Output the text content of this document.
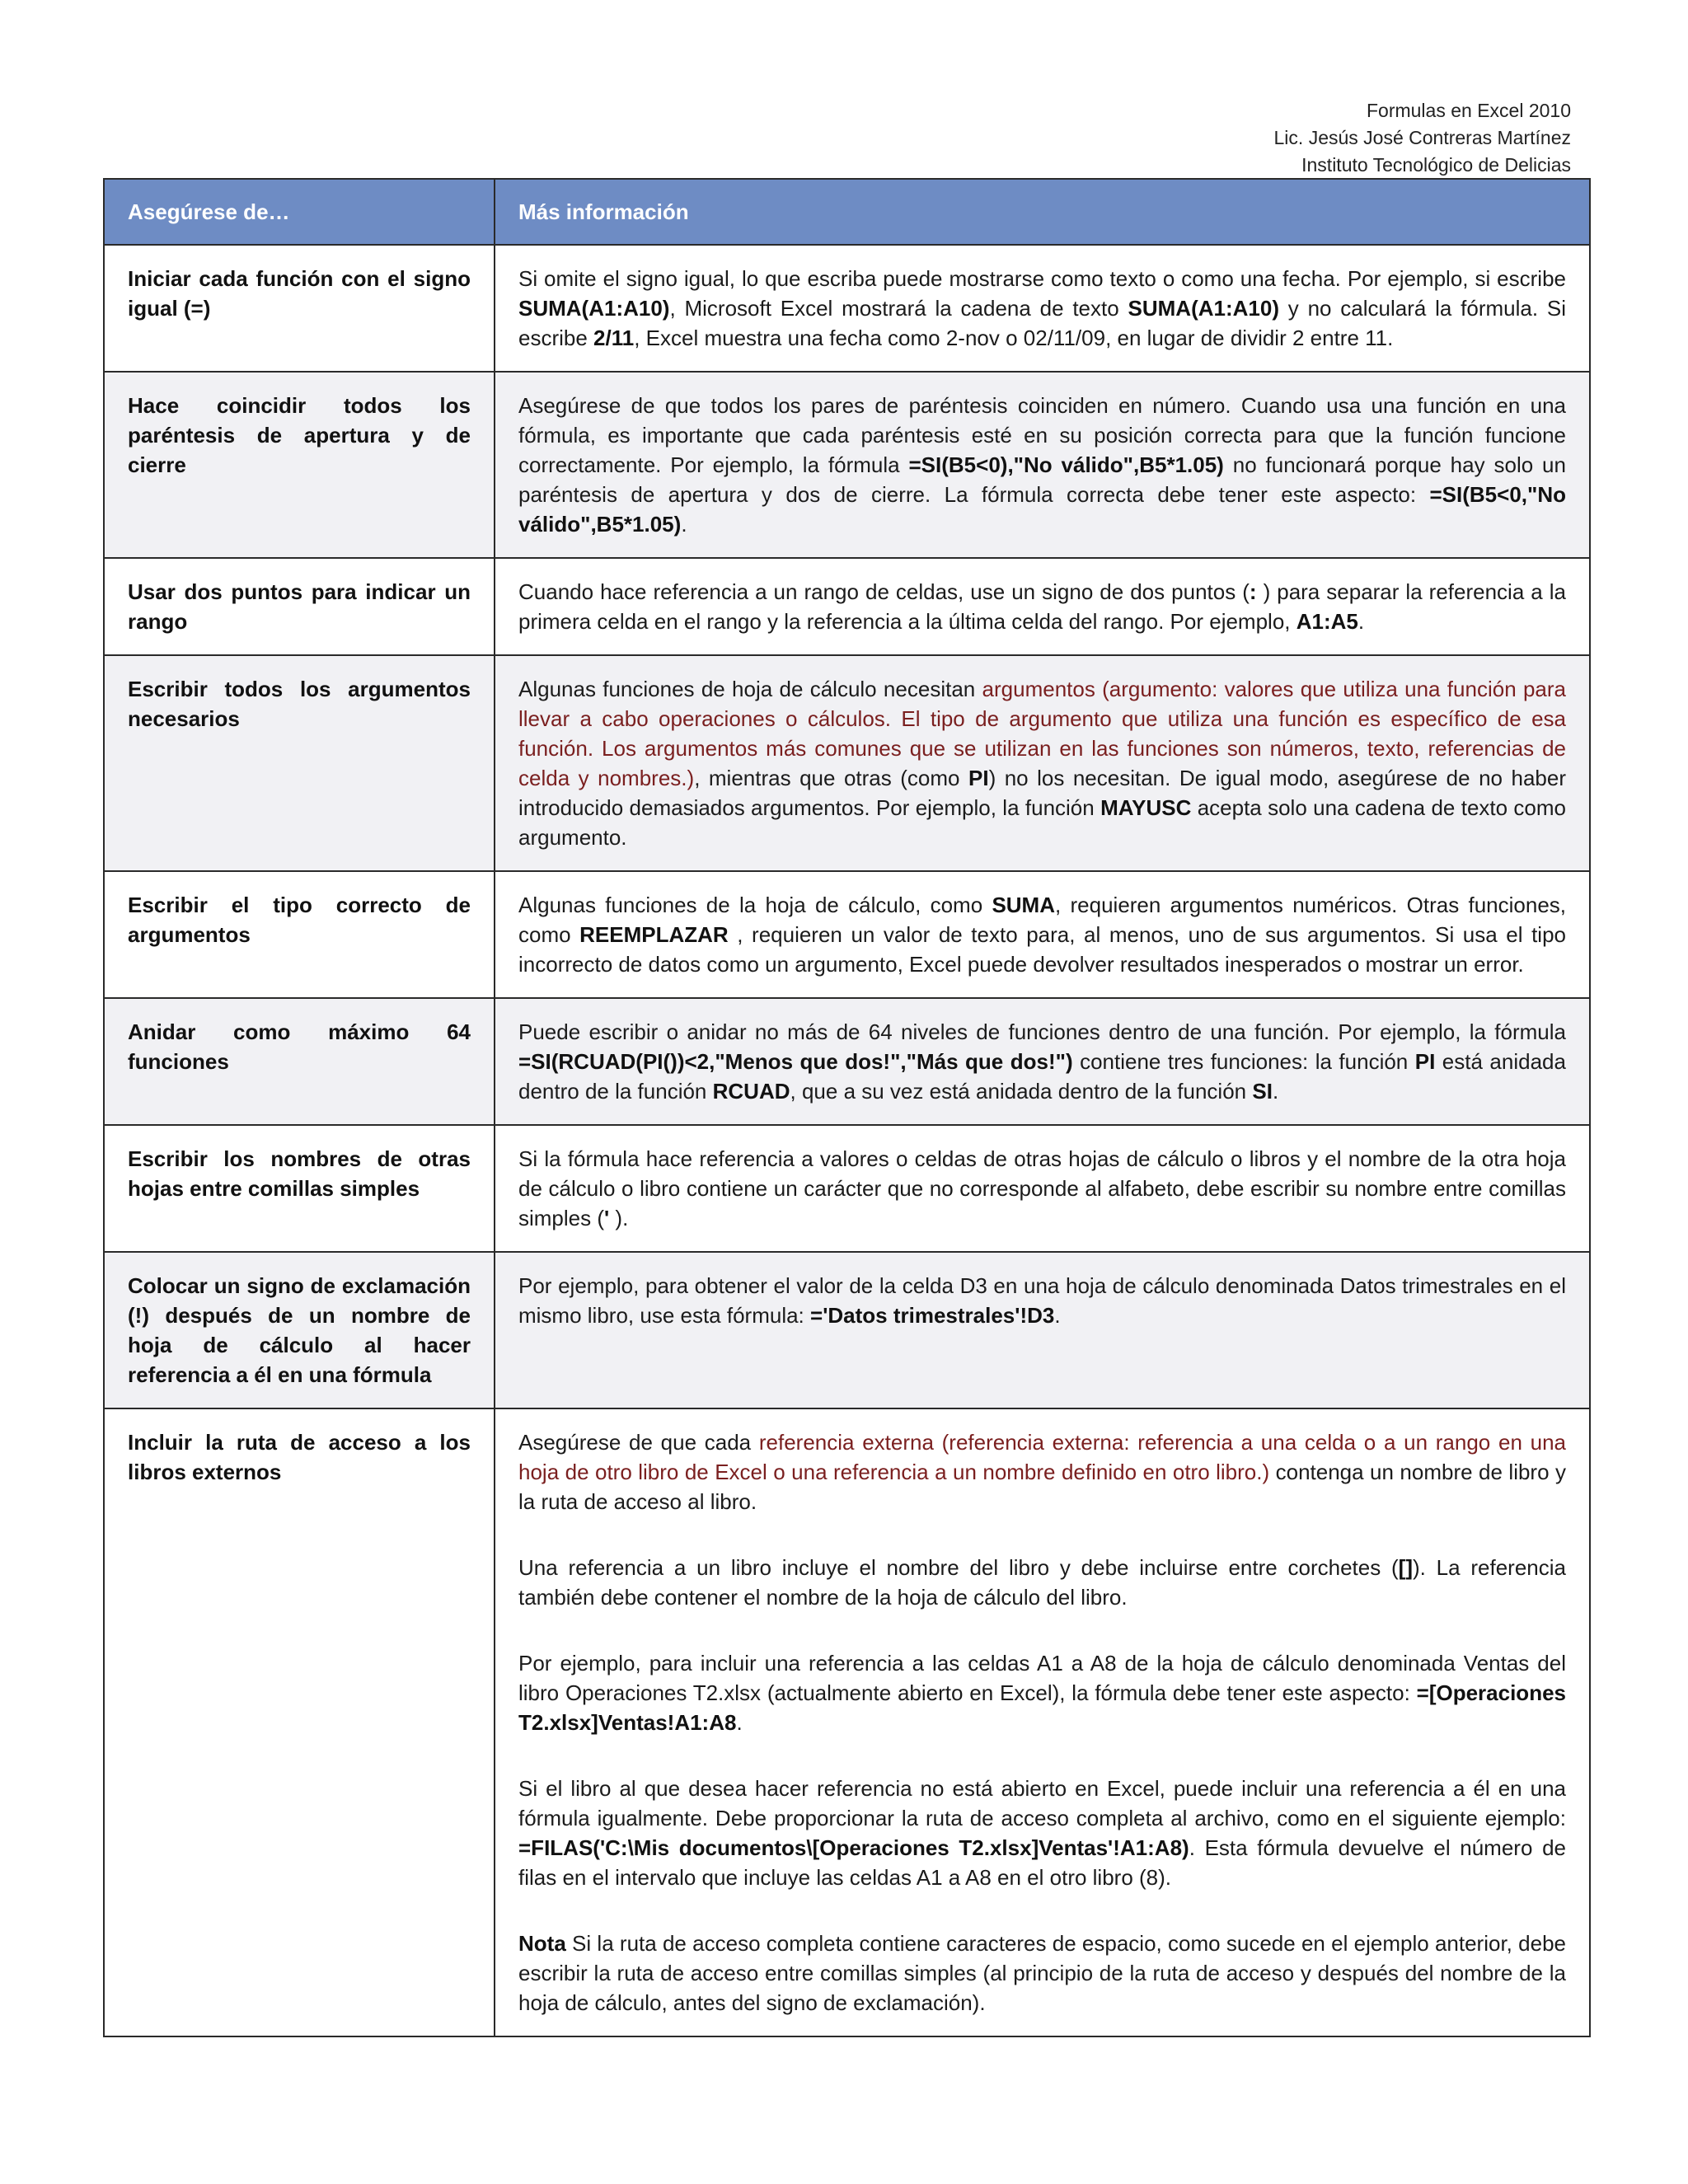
Formulas en Excel 2010
Lic. Jesús José Contreras Martínez
Instituto Tecnológico de Delicias
Asegúrese de…	Más información
Iniciar cada función con el signo igual (=)	Si omite el signo igual, lo que escriba puede mostrarse como texto o como una fecha. Por ejemplo, si escribe SUMA(A1:A10), Microsoft Excel mostrará la cadena de texto SUMA(A1:A10) y no calculará la fórmula. Si escribe 2/11, Excel muestra una fecha como 2-nov o 02/11/09, en lugar de dividir 2 entre 11.
Hace coincidir todos los paréntesis de apertura y de cierre	Asegúrese de que todos los pares de paréntesis coinciden en número. Cuando usa una función en una fórmula, es importante que cada paréntesis esté en su posición correcta para que la función funcione correctamente. Por ejemplo, la fórmula =SI(B5<0),"No válido",B5*1.05) no funcionará porque hay solo un paréntesis de apertura y dos de cierre. La fórmula correcta debe tener este aspecto: =SI(B5<0,"No válido",B5*1.05).
Usar dos puntos para indicar un rango	Cuando hace referencia a un rango de celdas, use un signo de dos puntos (: ) para separar la referencia a la primera celda en el rango y la referencia a la última celda del rango. Por ejemplo, A1:A5.
Escribir todos los argumentos necesarios	Algunas funciones de hoja de cálculo necesitan argumentos (argumento: valores que utiliza una función para llevar a cabo operaciones o cálculos. El tipo de argumento que utiliza una función es específico de esa función. Los argumentos más comunes que se utilizan en las funciones son números, texto, referencias de celda y nombres.), mientras que otras (como PI) no los necesitan. De igual modo, asegúrese de no haber introducido demasiados argumentos. Por ejemplo, la función MAYUSC acepta solo una cadena de texto como argumento.
Escribir el tipo correcto de argumentos	Algunas funciones de la hoja de cálculo, como SUMA, requieren argumentos numéricos. Otras funciones, como REEMPLAZAR , requieren un valor de texto para, al menos, uno de sus argumentos. Si usa el tipo incorrecto de datos como un argumento, Excel puede devolver resultados inesperados o mostrar un error.
Anidar como máximo 64 funciones	Puede escribir o anidar no más de 64 niveles de funciones dentro de una función. Por ejemplo, la fórmula =SI(RCUAD(PI())<2,"Menos que dos!","Más que dos!") contiene tres funciones: la función PI está anidada dentro de la función RCUAD, que a su vez está anidada dentro de la función SI.
Escribir los nombres de otras hojas entre comillas simples	Si la fórmula hace referencia a valores o celdas de otras hojas de cálculo o libros y el nombre de la otra hoja de cálculo o libro contiene un carácter que no corresponde al alfabeto, debe escribir su nombre entre comillas simples (' ).
Colocar un signo de exclamación (!) después de un nombre de hoja de cálculo al hacer referencia a él en una fórmula	Por ejemplo, para obtener el valor de la celda D3 en una hoja de cálculo denominada Datos trimestrales en el mismo libro, use esta fórmula: ='Datos trimestrales'!D3.
Incluir la ruta de acceso a los libros externos	Asegúrese de que cada referencia externa (referencia externa: referencia a una celda o a un rango en una hoja de otro libro de Excel o una referencia a un nombre definido en otro libro.) contenga un nombre de libro y la ruta de acceso al libro.

Una referencia a un libro incluye el nombre del libro y debe incluirse entre corchetes ([]). La referencia también debe contener el nombre de la hoja de cálculo del libro.

Por ejemplo, para incluir una referencia a las celdas A1 a A8 de la hoja de cálculo denominada Ventas del libro Operaciones T2.xlsx (actualmente abierto en Excel), la fórmula debe tener este aspecto: =[Operaciones T2.xlsx]Ventas!A1:A8.

Si el libro al que desea hacer referencia no está abierto en Excel, puede incluir una referencia a él en una fórmula igualmente. Debe proporcionar la ruta de acceso completa al archivo, como en el siguiente ejemplo: =FILAS('C:\Mis documentos\[Operaciones T2.xlsx]Ventas'!A1:A8). Esta fórmula devuelve el número de filas en el intervalo que incluye las celdas A1 a A8 en el otro libro (8).

Nota Si la ruta de acceso completa contiene caracteres de espacio, como sucede en el ejemplo anterior, debe escribir la ruta de acceso entre comillas simples (al principio de la ruta de acceso y después del nombre de la hoja de cálculo, antes del signo de exclamación).
